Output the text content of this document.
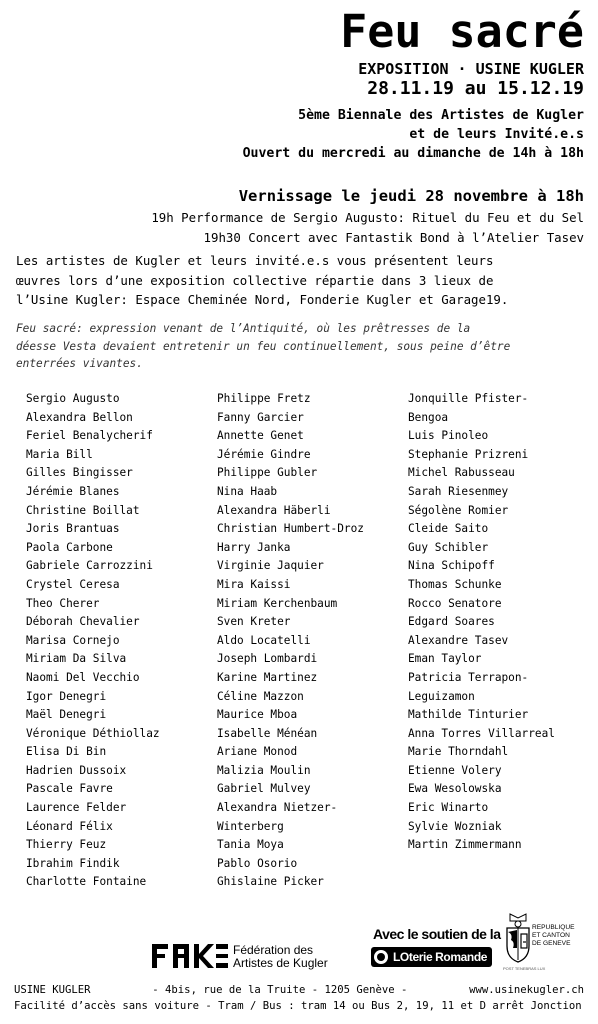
Feu sacré
EXPOSITION · USINE KUGLER
28.11.19 au 15.12.19
5ème Biennale des Artistes de Kugler
et de leurs Invité.e.s
Ouvert du mercredi au dimanche de 14h à 18h
Vernissage le jeudi 28 novembre à 18h
19h Performance de Sergio Augusto: Rituel du Feu et du Sel
19h30 Concert avec Fantastik Bond à l’Atelier Tasev
Les artistes de Kugler et leurs invité.e.s vous présentent leurs
œuvres lors d’une exposition collective répartie dans 3 lieux de
l’Usine Kugler: Espace Cheminée Nord, Fonderie Kugler et Garage19.
Feu sacré: expression venant de l’Antiquité, où les prêtresses de la
déesse Vesta devaient entretenir un feu continuellement, sous peine d’être
enterrées vivantes.
Sergio Augusto
Alexandra Bellon
Feriel Benalycherif
Maria Bill
Gilles Bingisser
Jérémie Blanes
Christine Boillat
Joris Brantuas
Paola Carbone
Gabriele Carrozzini
Crystel Ceresa
Theo Cherer
Déborah Chevalier
Marisa Cornejo
Miriam Da Silva
Naomi Del Vecchio
Igor Denegri
Maël Denegri
Véronique Déthiollaz
Elisa Di Bin
Hadrien Dussoix
Pascale Favre
Laurence Felder
Léonard Félix
Thierry Feuz
Ibrahim Findik
Charlotte Fontaine
Philippe Fretz
Fanny Garcier
Annette Genet
Jérémie Gindre
Philippe Gubler
Nina Haab
Alexandra Häberli
Christian Humbert-Droz
Harry Janka
Virginie Jaquier
Mira Kaissi
Miriam Kerchenbaum
Sven Kreter
Aldo Locatelli
Joseph Lombardi
Karine Martinez
Céline Mazzon
Maurice Mboa
Isabelle Ménéan
Ariane Monod
Malizia Moulin
Gabriel Mulvey
Alexandra Nietzer-
Winterberg
Tania Moya
Pablo Osorio
Ghislaine Picker
Jonquille Pfister-
Bengoa
Luis Pinoleo
Stephanie Prizreni
Michel Rabusseau
Sarah Riesenmey
Ségolène Romier
Cleide Saito
Guy Schibler
Nina Schipoff
Thomas Schunke
Rocco Senatore
Edgard Soares
Alexandre Tasev
Eman Taylor
Patricia Terrapon-
Leguizamon
Mathilde Tinturier
Anna Torres Villarreal
Marie Thorndahl
Etienne Volery
Ewa Wesolowska
Eric Winarto
Sylvie Wozniak
Martin Zimmermann
Fédération des
Artistes de Kugler
Avec le soutien de la
LOterie Romande
REPUBLIQUE
ET CANTON
DE GENEVE
POST TENEBRAS LUX
USINE KUGLER	- 4bis, rue de la Truite - 1205 Genève -	www.usinekugler.ch
Facilité d’accès sans voiture - Tram / Bus : tram 14 ou Bus 2, 19, 11 et D arrêt Jonction
